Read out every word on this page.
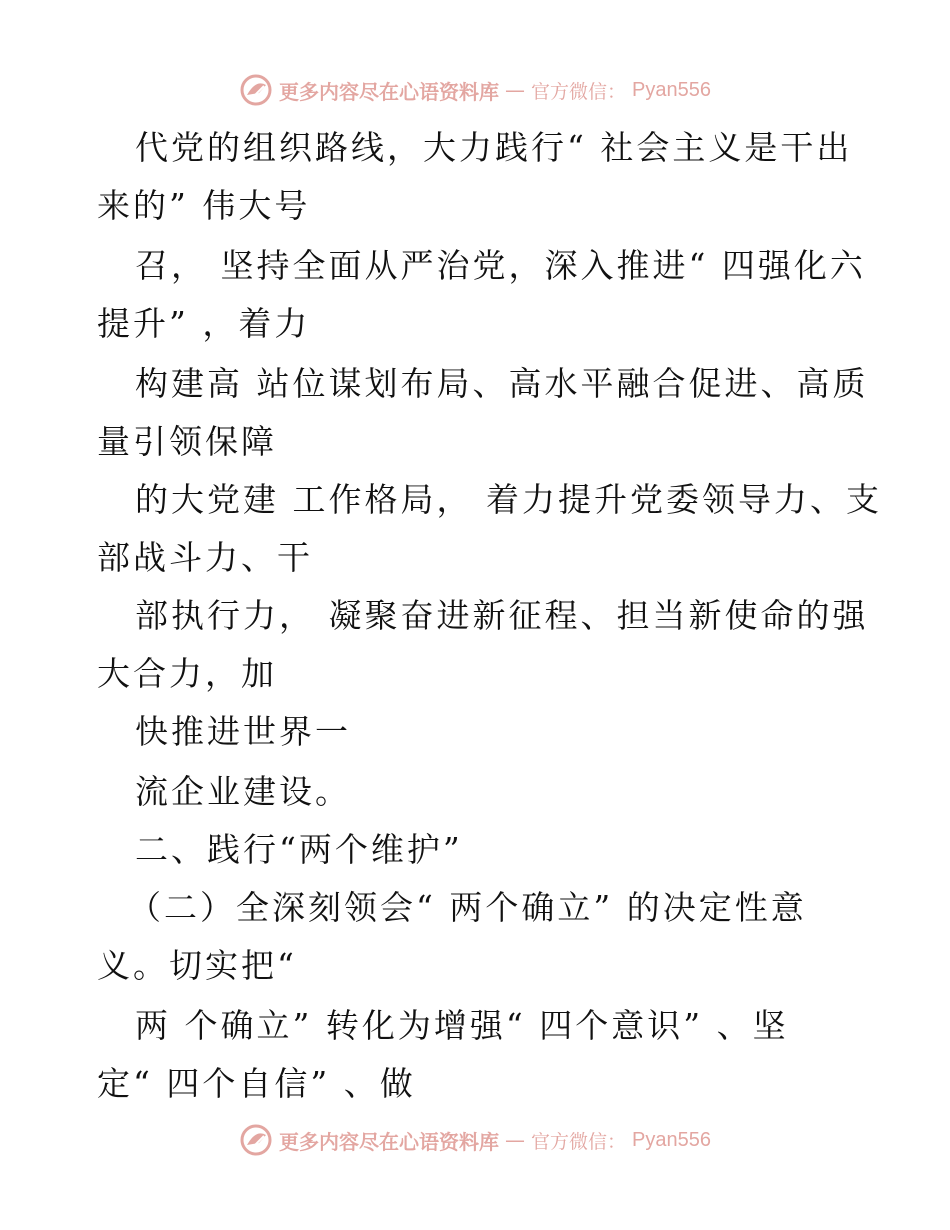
更多内容尽在心语资料库 — 官方微信： Pyan556
代党的组织路线，大力践行“ 社会主义是干出
来的” 伟大号
召， 坚持全面从严治党，深入推进“ 四强化六
提升” ，着力
构建高 站位谋划布局、高水平融合促进、高质
量引领保障
的大党建 工作格局， 着力提升党委领导力、支
部战斗力、干
部执行力， 凝聚奋进新征程、担当新使命的强
大合力，加
快推进世界一
流企业建设。
二、践行“两个维护”
（二）全深刻领会“ 两个确立” 的决定性意
义。切实把“
两 个确立” 转化为增强“ 四个意识” 、坚
定“ 四个自信” 、做
更多内容尽在心语资料库 — 官方微信： Pyan556
